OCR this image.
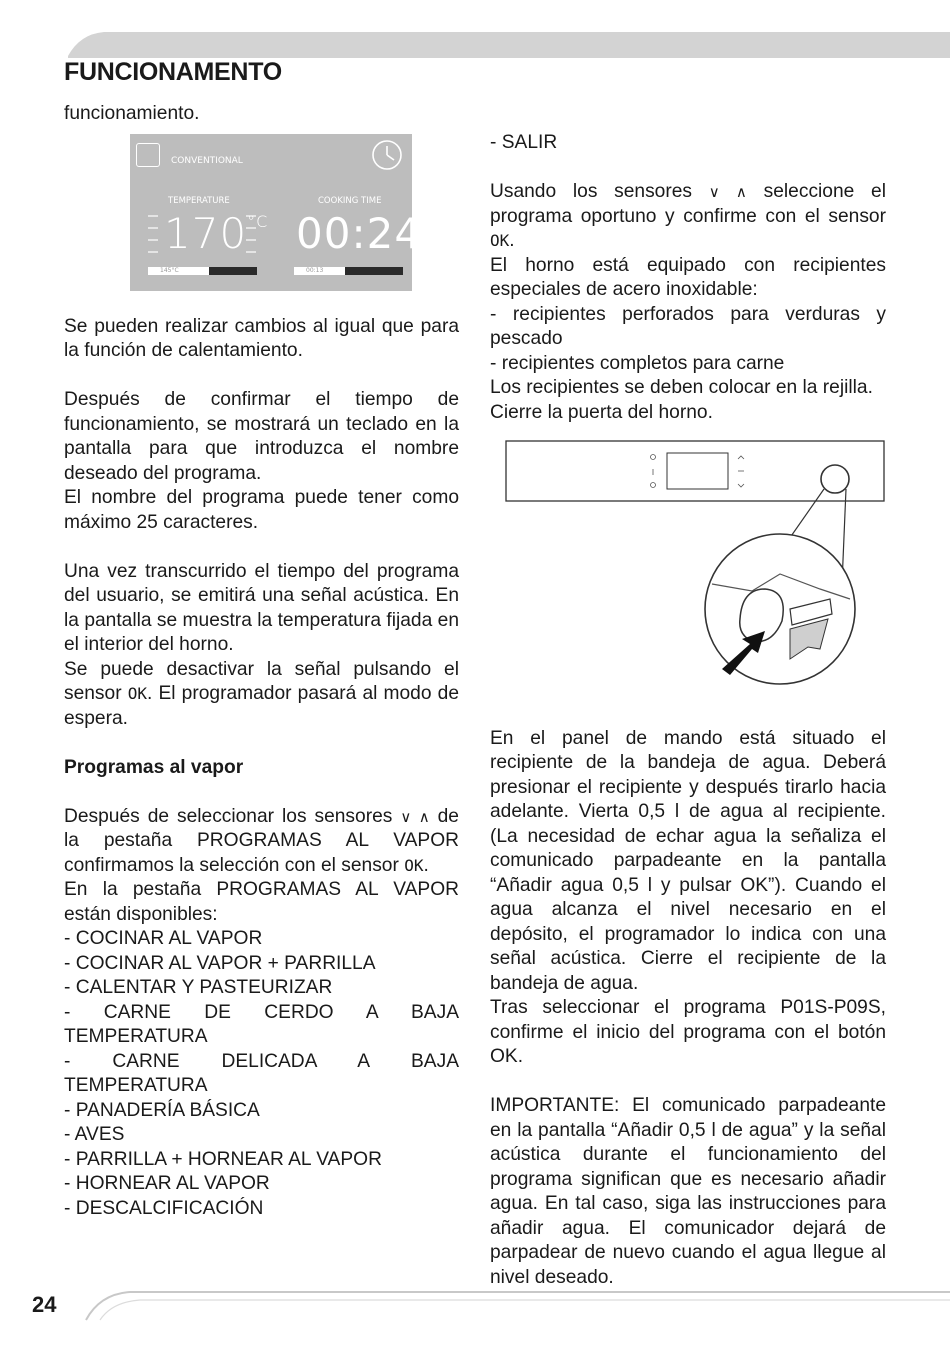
FUNCIONAMENTO

funcionamiento.

CONVENTIONAL
TEMPERATURE	COOKING TIME
$170^{^\circ C}$ 00:24
145°C	00:13

Se pueden realizar cambios al igual que para la función de calentamiento.

Después de confirmar el tiempo de funcionamiento, se mostrará un teclado en la pantalla para que introduzca el nombre deseado del programa.

El nombre del programa puede tener como máximo 25 caracteres.

Una vez transcurrido el tiempo del programa del usuario, se emitirá una señal acústica. En la pantalla se muestra la temperatura fijada en el interior del horno.

Se puede desactivar la señal pulsando el sensor OK. El programador pasará al modo de espera.

Programas al vapor

Después de seleccionar los sensores ∨ ∧ de la pestaña PROGRAMAS AL VAPOR confirmamos la selección con el sensor OK.

En la pestaña PROGRAMAS AL VAPOR están disponibles:

- COCINAR AL VAPOR

- COCINAR AL VAPOR + PARRILLA

- CALENTAR Y PASTEURIZAR

- CARNE DE CERDO A BAJA TEMPERATURA

- CARNE DELICADA A BAJA TEMPERATURA

- PANADERÍA BÁSICA

- AVES

- PARRILLA + HORNEAR AL VAPOR

- HORNEAR AL VAPOR

- DESCALCIFICACIÓN

- SALIR

Usando los sensores ∨ ∧ seleccione el programa oportuno y confirme con el sensor OK.

El horno está equipado con recipientes especiales de acero inoxidable:

- recipientes perforados para verduras y pescado

- recipientes completos para carne

Los recipientes se deben colocar en la rejilla.

Cierre la puerta del horno.

En el panel de mando está situado el recipiente de la bandeja de agua. Deberá presionar el recipiente y después tirarlo hacia adelante. Vierta 0,5 l de agua al recipiente. (La necesidad de echar agua la señaliza el comunicado parpadeante en la pantalla “Añadir agua 0,5 l y pulsar OK”). Cuando el agua alcanza el nivel necesario en el depósito, el programador lo indica con una señal acústica. Cierre el recipiente de la bandeja de agua.

Tras seleccionar el programa P01S-P09S, confirme el inicio del programa con el botón OK.

IMPORTANTE: El comunicado parpadeante en la pantalla “Añadir 0,5 l de agua” y la señal acústica durante el funcionamiento del programa significan que es necesario añadir agua. En tal caso, siga las instrucciones para añadir agua. El comunicador dejará de parpadear de nuevo cuando el agua llegue al nivel deseado.

24
